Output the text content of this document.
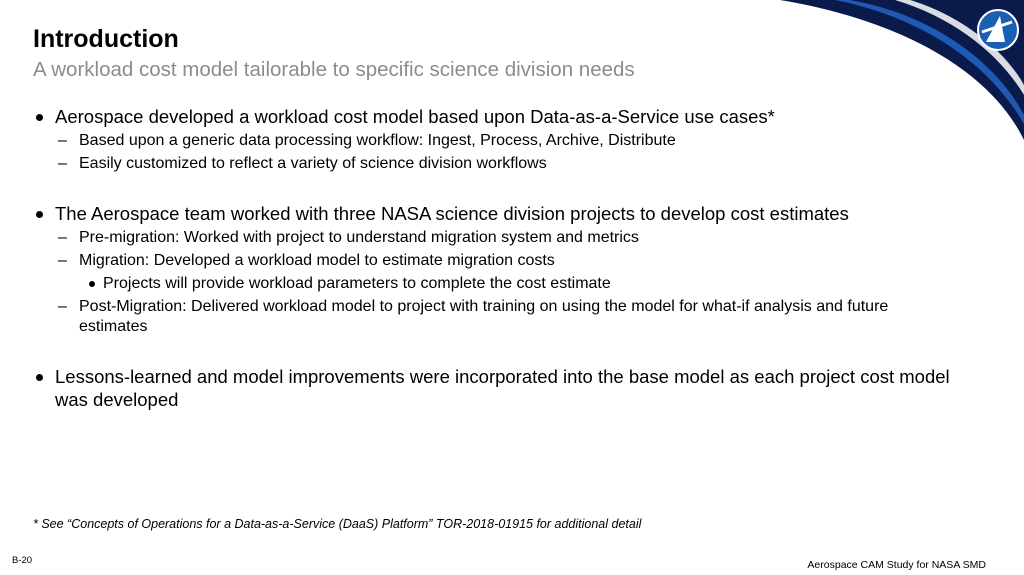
Introduction
A workload cost model tailorable to specific science division needs
Aerospace developed a workload cost model based upon Data-as-a-Service use cases*
– Based upon a generic data processing workflow: Ingest, Process, Archive, Distribute
– Easily customized to reflect a variety of science division workflows
The Aerospace team worked with three NASA science division projects to develop cost estimates
– Pre-migration: Worked with project to understand migration system and metrics
– Migration: Developed a workload model to estimate migration costs
Projects will provide workload parameters to complete the cost estimate
– Post-Migration: Delivered workload model to project with training on using the model for what-if analysis and future estimates
Lessons-learned and model improvements were incorporated into the base model as each project cost model was developed
* See “Concepts of Operations for a Data-as-a-Service (DaaS) Platform” TOR-2018-01915 for additional detail
B-20	Aerospace CAM Study for NASA SMD
